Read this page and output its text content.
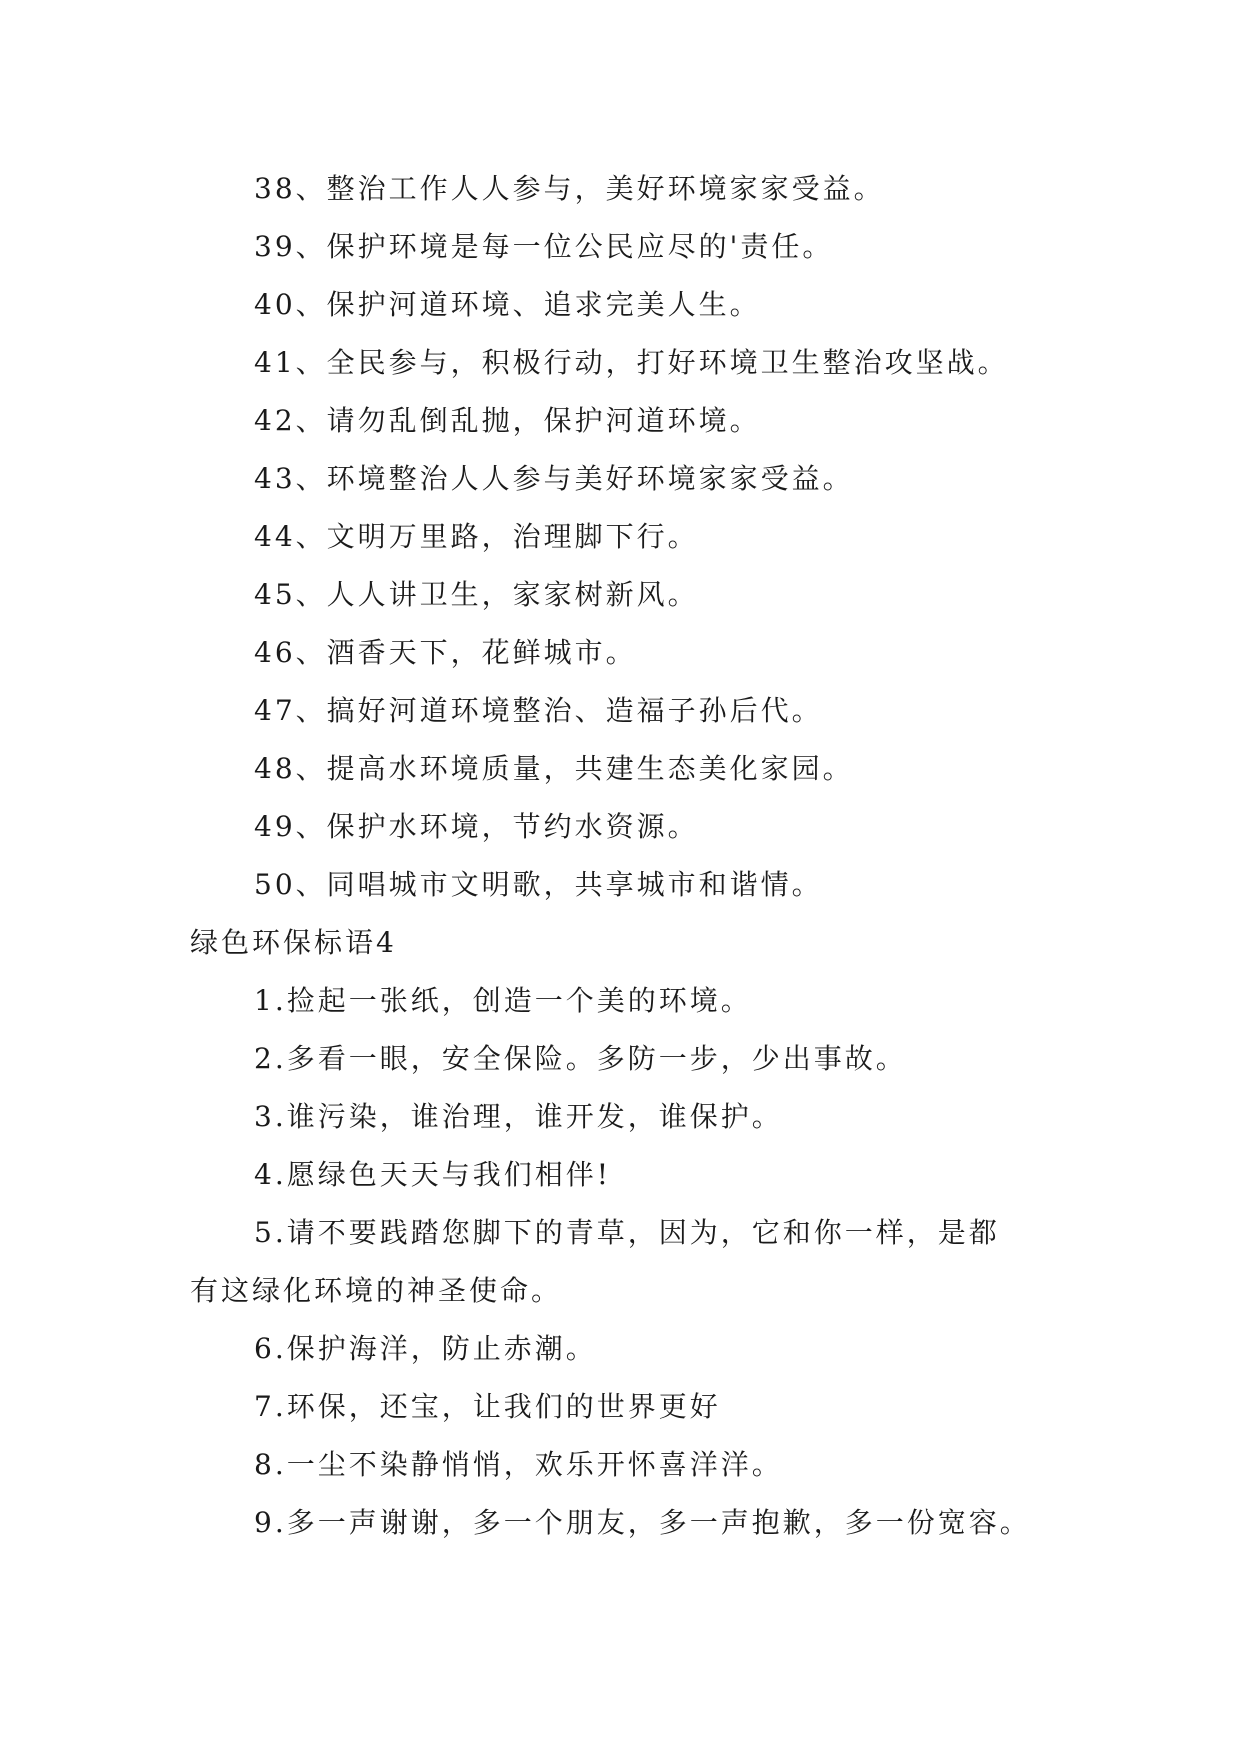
38、整治工作人人参与，美好环境家家受益。
39、保护环境是每一位公民应尽的'责任。
40、保护河道环境、追求完美人生。
41、全民参与，积极行动，打好环境卫生整治攻坚战。
42、请勿乱倒乱抛，保护河道环境。
43、环境整治人人参与美好环境家家受益。
44、文明万里路，治理脚下行。
45、人人讲卫生，家家树新风。
46、酒香天下，花鲜城市。
47、搞好河道环境整治、造福子孙后代。
48、提高水环境质量，共建生态美化家园。
49、保护水环境，节约水资源。
50、同唱城市文明歌，共享城市和谐情。
绿色环保标语4
1.捡起一张纸，创造一个美的环境。
2.多看一眼，安全保险。多防一步，少出事故。
3.谁污染，谁治理，谁开发，谁保护。
4.愿绿色天天与我们相伴!
5.请不要践踏您脚下的青草，因为，它和你一样，是都
有这绿化环境的神圣使命。
6.保护海洋，防止赤潮。
7.环保，还宝，让我们的世界更好
8.一尘不染静悄悄，欢乐开怀喜洋洋。
9.多一声谢谢，多一个朋友，多一声抱歉，多一份宽容。
